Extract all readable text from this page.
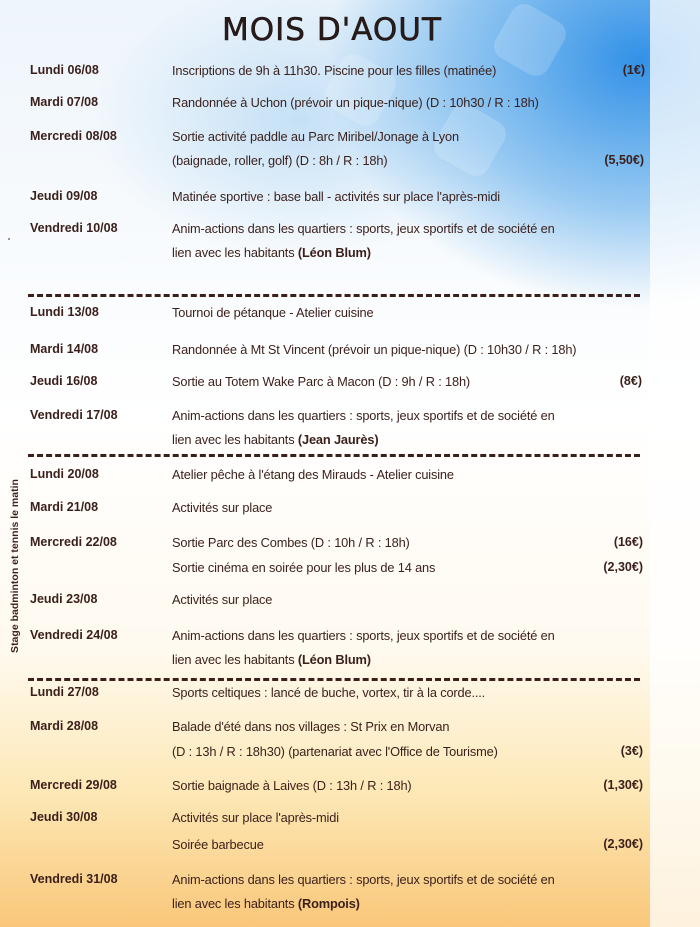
MOIS D'AOUT
Stage badminton et tennis le matin
Lundi 06/08	Inscriptions de 9h à 11h30. Piscine pour les filles (matinée)	(1€)
Mardi 07/08	Randonnée à Uchon (prévoir un pique-nique) (D : 10h30 / R : 18h)
Mercredi 08/08	Sortie activité paddle au Parc Miribel/Jonage à Lyon
(baignade, roller, golf) (D : 8h / R : 18h)	(5,50€)
Jeudi 09/08	Matinée sportive : base ball - activités sur place l'après-midi
Vendredi 10/08	Anim-actions dans les quartiers : sports, jeux sportifs et de société en
lien avec les habitants (Léon Blum)
Lundi 13/08	Tournoi de pétanque - Atelier cuisine
Mardi 14/08	Randonnée à Mt St Vincent (prévoir un pique-nique) (D : 10h30 / R : 18h)
Jeudi 16/08	Sortie au Totem Wake Parc à Macon (D : 9h / R : 18h)	(8€)
Vendredi 17/08	Anim-actions dans les quartiers : sports, jeux sportifs et de société en
lien avec les habitants (Jean Jaurès)
Lundi 20/08	Atelier pêche à l'étang des Mirauds - Atelier cuisine
Mardi 21/08	Activités sur place
Mercredi 22/08	Sortie Parc des Combes (D : 10h / R : 18h)	(16€)
Sortie cinéma en soirée pour les plus de 14 ans	(2,30€)
Jeudi 23/08	Activités sur place
Vendredi 24/08	Anim-actions dans les quartiers : sports, jeux sportifs et de société en
lien avec les habitants (Léon Blum)
Lundi 27/08	Sports celtiques : lancé de buche, vortex, tir à la corde....
Mardi 28/08	Balade d'été dans nos villages : St Prix en Morvan
(D : 13h / R : 18h30) (partenariat avec l'Office de Tourisme)	(3€)
Mercredi 29/08	Sortie baignade à Laives (D : 13h / R : 18h)	(1,30€)
Jeudi 30/08	Activités sur place l'après-midi
Soirée barbecue	(2,30€)
Vendredi 31/08	Anim-actions dans les quartiers : sports, jeux sportifs et de société en
lien avec les habitants (Rompois)
